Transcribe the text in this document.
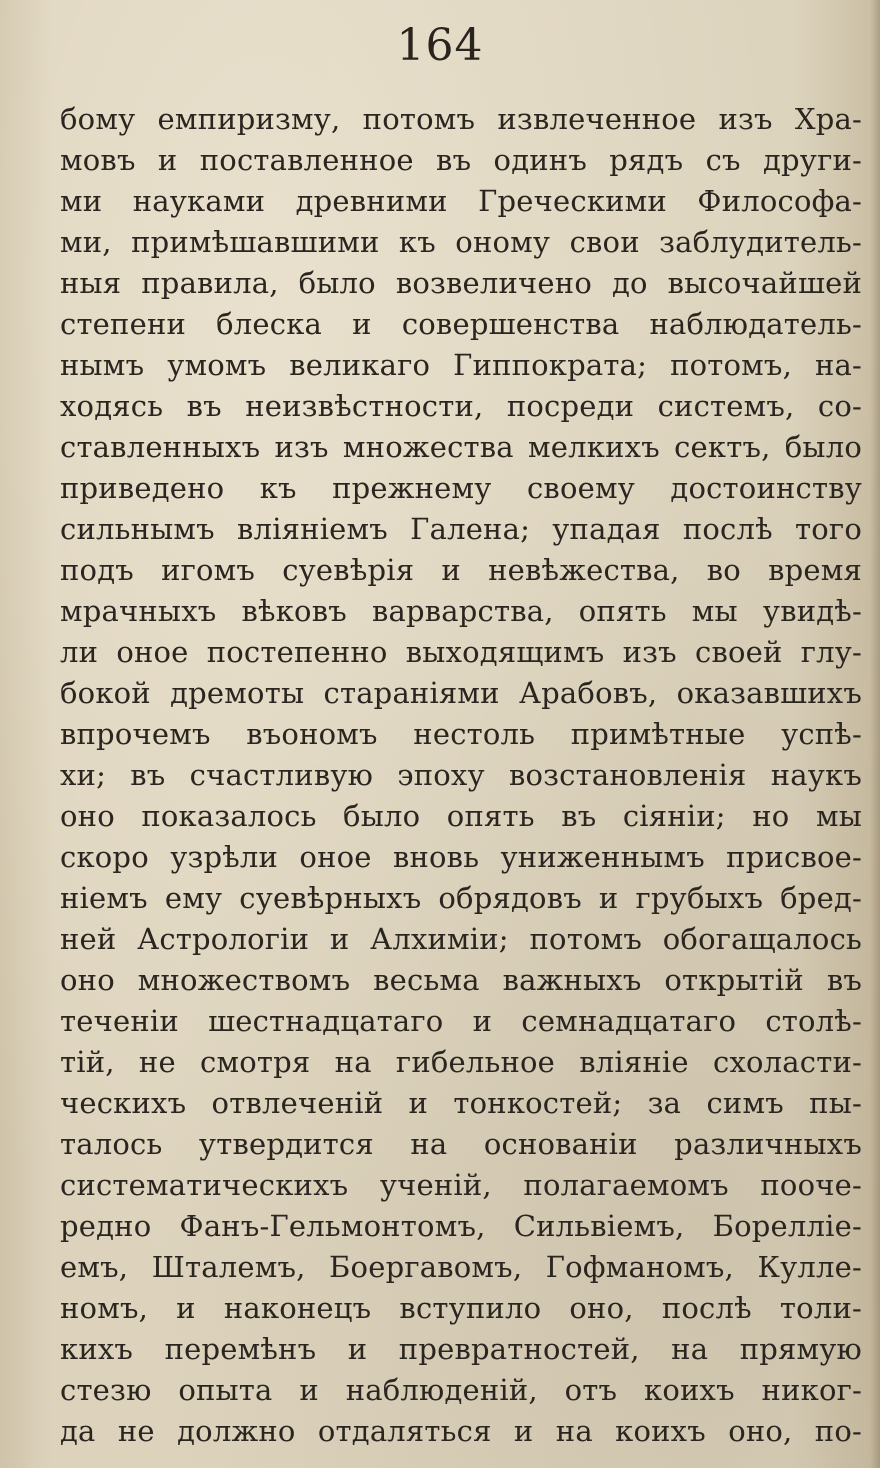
164
бому емпиризму, потомъ извлеченное изъ Хра-
мовъ и поставленное въ одинъ рядъ съ други-
ми науками древними Греческими Философа-
ми, примѣшавшими къ оному свои заблудитель-
ныя правила, было возвеличено до высочайшей
степени блеска и совершенства наблюдатель-
нымъ умомъ великаго Гиппократа; потомъ, на-
ходясь въ неизвѣстности, посреди системъ, со-
ставленныхъ изъ множества мелкихъ сектъ, было
приведено къ прежнему своему достоинству
сильнымъ вліяніемъ Галена; упадая послѣ того
подъ игомъ суевѣрія и невѣжества, во время
мрачныхъ вѣковъ варварства, опять мы увидѣ-
ли оное постепенно выходящимъ изъ своей глу-
бокой дремоты стараніями Арабовъ, оказавшихъ
впрочемъ въономъ нестоль примѣтные успѣ-
хи; въ счастливую эпоху возстановленія наукъ
оно показалось было опять въ сіяніи; но мы
скоро узрѣли оное вновь униженнымъ присвое-
ніемъ ему суевѣрныхъ обрядовъ и грубыхъ бред-
ней Астрологіи и Алхиміи; потомъ обогащалось
оно множествомъ весьма важныхъ открытій въ
теченіи шестнадцатаго и семнадцатаго столѣ-
тій, не смотря на гибельное вліяніе схоласти-
ческихъ отвлеченій и тонкостей; за симъ пы-
талось утвердится на основаніи различныхъ
систематическихъ ученій, полагаемомъ пооче-
редно Фанъ-Гельмонтомъ, Сильвіемъ, Борелліе-
емъ, Шталемъ, Боергавомъ, Гофманомъ, Кулле-
номъ, и наконецъ вступило оно, послѣ толи-
кихъ перемѣнъ и превратностей, на прямую
стезю опыта и наблюденій, отъ коихъ никог-
да не должно отдаляться и на коихъ оно, по-
